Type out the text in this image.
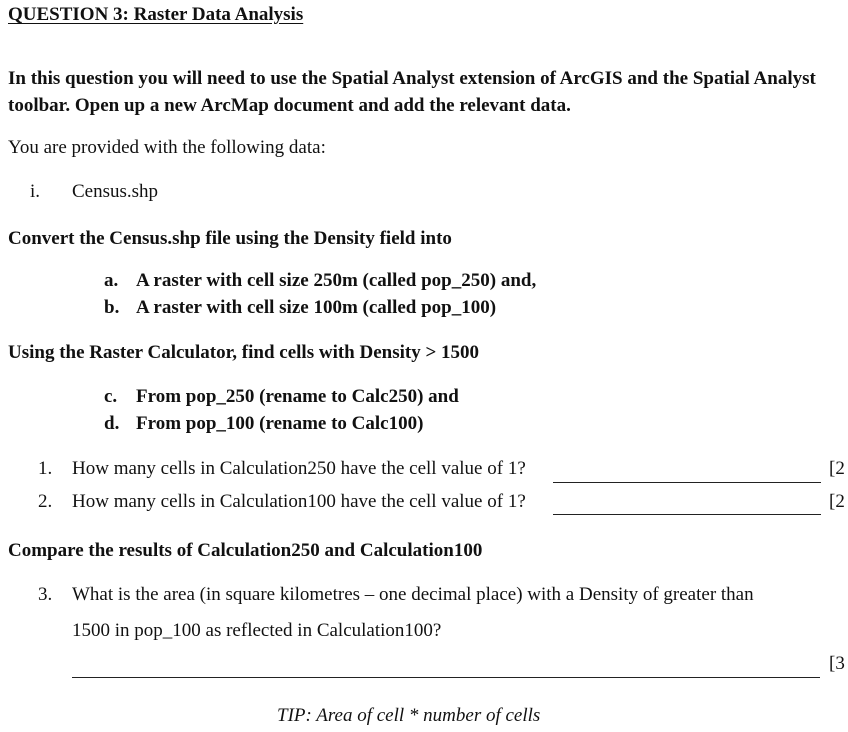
QUESTION 3: Raster Data Analysis
In this question you will need to use the Spatial Analyst extension of ArcGIS and the Spatial Analyst toolbar. Open up a new ArcMap document and add the relevant data.
You are provided with the following data:
i. Census.shp
Convert the Census.shp file using the Density field into
a. A raster with cell size 250m (called pop_250) and,
b. A raster with cell size 100m (called pop_100)
Using the Raster Calculator, find cells with Density > 1500
c. From pop_250 (rename to Calc250) and
d. From pop_100 (rename to Calc100)
1. How many cells in Calculation250 have the cell value of 1?	[2
2. How many cells in Calculation100 have the cell value of 1?	[2
Compare the results of Calculation250 and Calculation100
3. What is the area (in square kilometres – one decimal place) with a Density of greater than
1500 in pop_100 as reflected in Calculation100?
[3
TIP: Area of cell * number of cells
